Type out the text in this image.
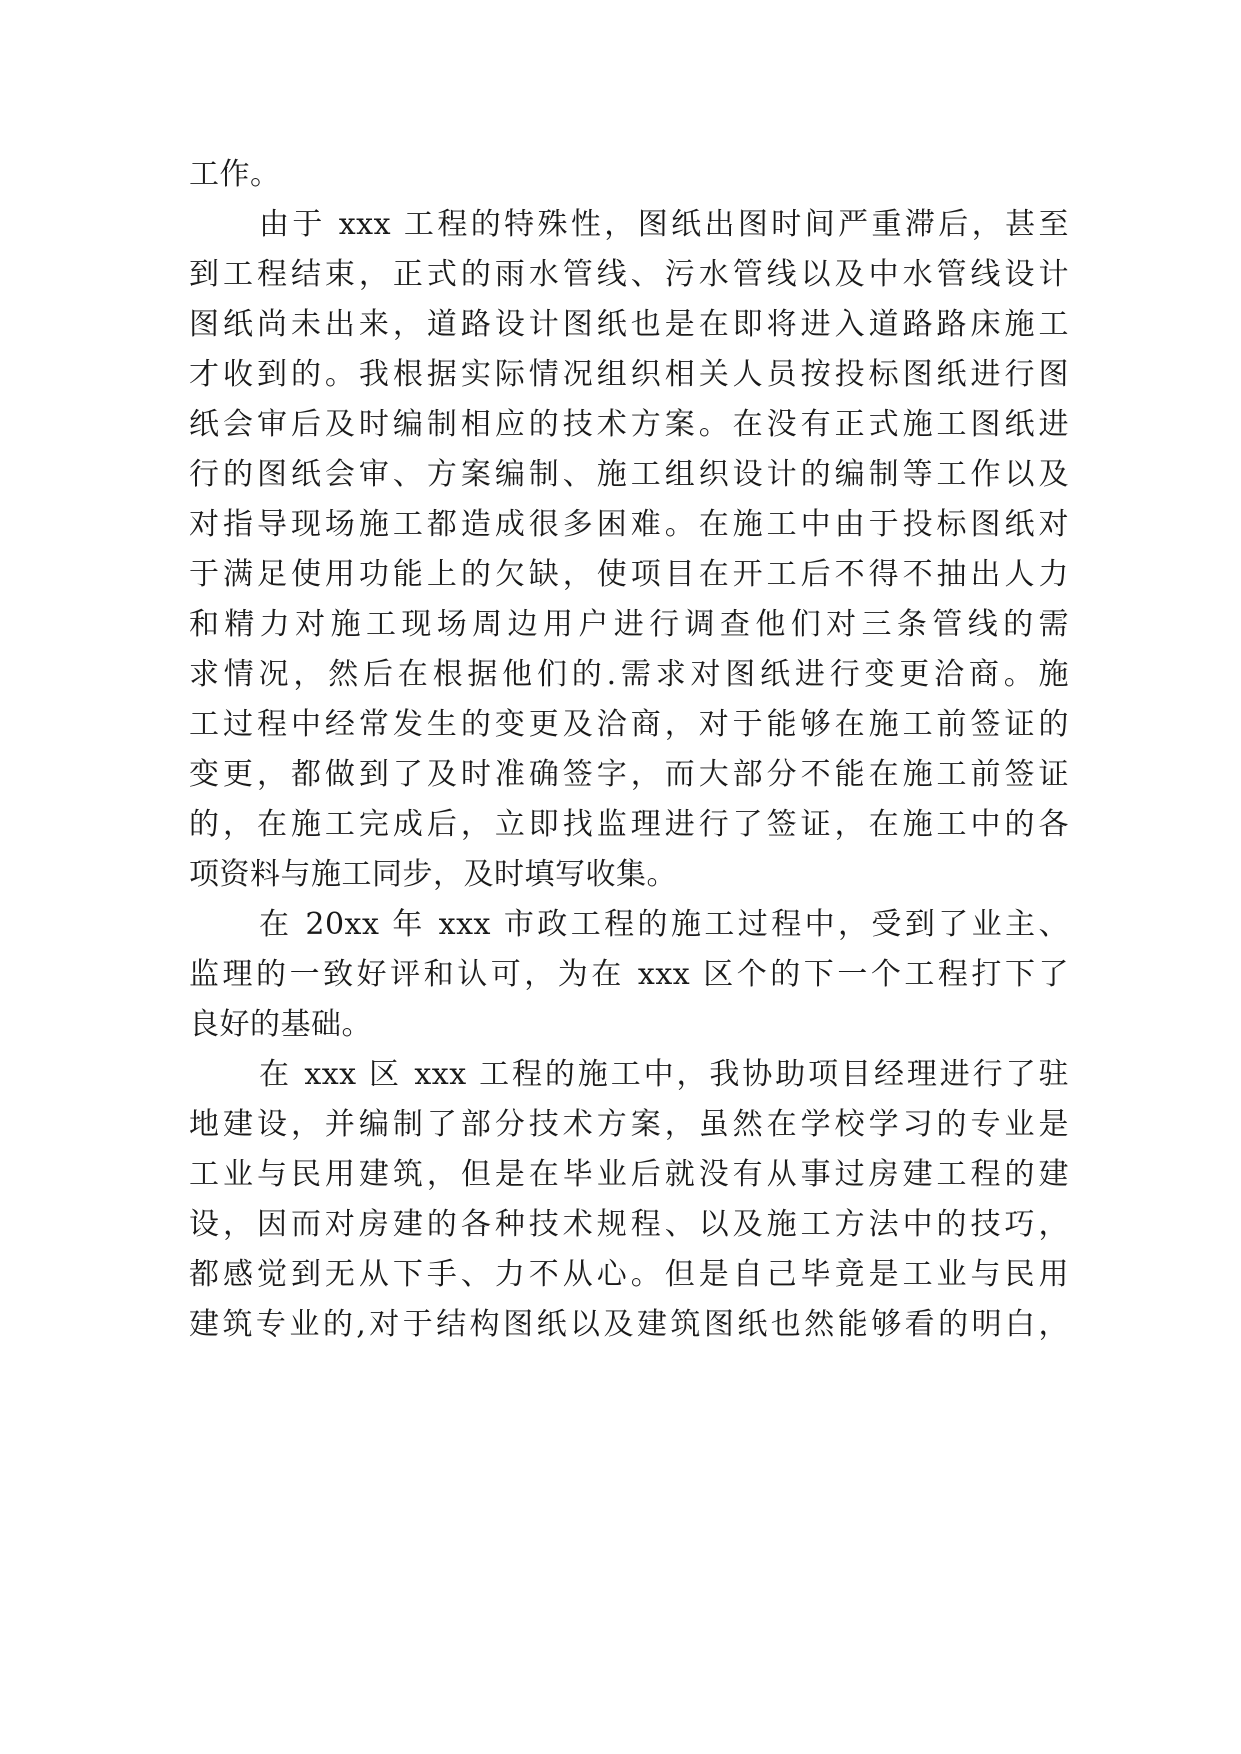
工作。
由于 xxx 工程的特殊性，图纸出图时间严重滞后，甚至
到工程结束，正式的雨水管线、污水管线以及中水管线设计
图纸尚未出来，道路设计图纸也是在即将进入道路路床施工
才收到的。我根据实际情况组织相关人员按投标图纸进行图
纸会审后及时编制相应的技术方案。在没有正式施工图纸进
行的图纸会审、方案编制、施工组织设计的编制等工作以及
对指导现场施工都造成很多困难。在施工中由于投标图纸对
于满足使用功能上的欠缺，使项目在开工后不得不抽出人力
和精力对施工现场周边用户进行调查他们对三条管线的需
求情况，然后在根据他们的.需求对图纸进行变更洽商。施
工过程中经常发生的变更及洽商，对于能够在施工前签证的
变更，都做到了及时准确签字，而大部分不能在施工前签证
的，在施工完成后，立即找监理进行了签证，在施工中的各
项资料与施工同步，及时填写收集。
在 20xx 年 xxx 市政工程的施工过程中，受到了业主、
监理的一致好评和认可，为在 xxx 区个的下一个工程打下了
良好的基础。
在 xxx 区 xxx 工程的施工中，我协助项目经理进行了驻
地建设，并编制了部分技术方案，虽然在学校学习的专业是
工业与民用建筑，但是在毕业后就没有从事过房建工程的建
设，因而对房建的各种技术规程、以及施工方法中的技巧，
都感觉到无从下手、力不从心。但是自己毕竟是工业与民用
建筑专业的,对于结构图纸以及建筑图纸也然能够看的明白，
